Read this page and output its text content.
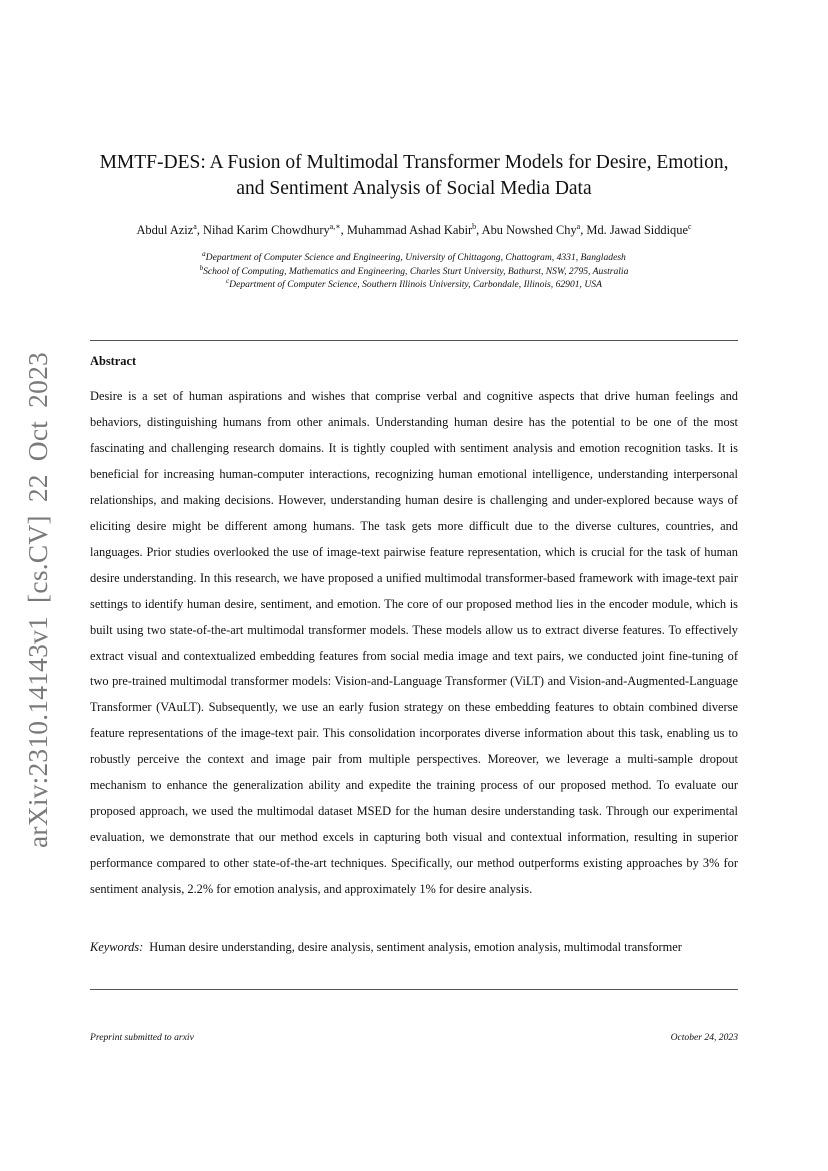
arXiv:2310.14143v1 [cs.CV] 22 Oct 2023
MMTF-DES: A Fusion of Multimodal Transformer Models for Desire, Emotion,
and Sentiment Analysis of Social Media Data
Abdul Aziz$^a$, Nihad Karim Chowdhury$^{a,∗}$, Muhammad Ashad Kabir$^b$, Abu Nowshed Chy$^a$, Md. Jawad Siddique$^c$
$^a$Department of Computer Science and Engineering, University of Chittagong, Chattogram, 4331, Bangladesh
$^b$School of Computing, Mathematics and Engineering, Charles Sturt University, Bathurst, NSW, 2795, Australia
$^c$Department of Computer Science, Southern Illinois University, Carbondale, Illinois, 62901, USA
Abstract
Desire is a set of human aspirations and wishes that comprise verbal and cognitive aspects that drive human feelings and behaviors, distinguishing humans from other animals. Understanding human desire has the potential to be one of the most fascinating and challenging research domains. It is tightly coupled with sentiment analysis and emotion recognition tasks. It is beneficial for increasing human-computer interactions, recognizing human emotional intelligence, understanding interpersonal relationships, and making decisions. However, understanding human desire is challenging and under-explored because ways of eliciting desire might be different among humans. The task gets more difficult due to the diverse cultures, countries, and languages. Prior studies overlooked the use of image-text pairwise feature representation, which is crucial for the task of human desire understanding. In this research, we have proposed a unified multimodal transformer-based framework with image-text pair settings to identify human desire, sentiment, and emotion. The core of our proposed method lies in the encoder module, which is built using two state-of-the-art multimodal transformer models. These models allow us to extract diverse features. To effectively extract visual and contextualized embedding features from social media image and text pairs, we conducted joint fine-tuning of two pre-trained multimodal transformer models: Vision-and-Language Transformer (ViLT) and Vision-and-Augmented-Language Transformer (VAuLT). Subsequently, we use an early fusion strategy on these embedding features to obtain combined diverse feature representations of the image-text pair. This consolidation incorporates diverse information about this task, enabling us to robustly perceive the context and image pair from multiple perspectives. Moreover, we leverage a multi-sample dropout mechanism to enhance the generalization ability and expedite the training process of our proposed method. To evaluate our proposed approach, we used the multimodal dataset MSED for the human desire understanding task. Through our experimental evaluation, we demonstrate that our method excels in capturing both visual and contextual information, resulting in superior performance compared to other state-of-the-art techniques. Specifically, our method outperforms existing approaches by 3% for sentiment analysis, 2.2% for emotion analysis, and approximately 1% for desire analysis.
Keywords: Human desire understanding, desire analysis, sentiment analysis, emotion analysis, multimodal transformer
Preprint submitted to arxiv	October 24, 2023
